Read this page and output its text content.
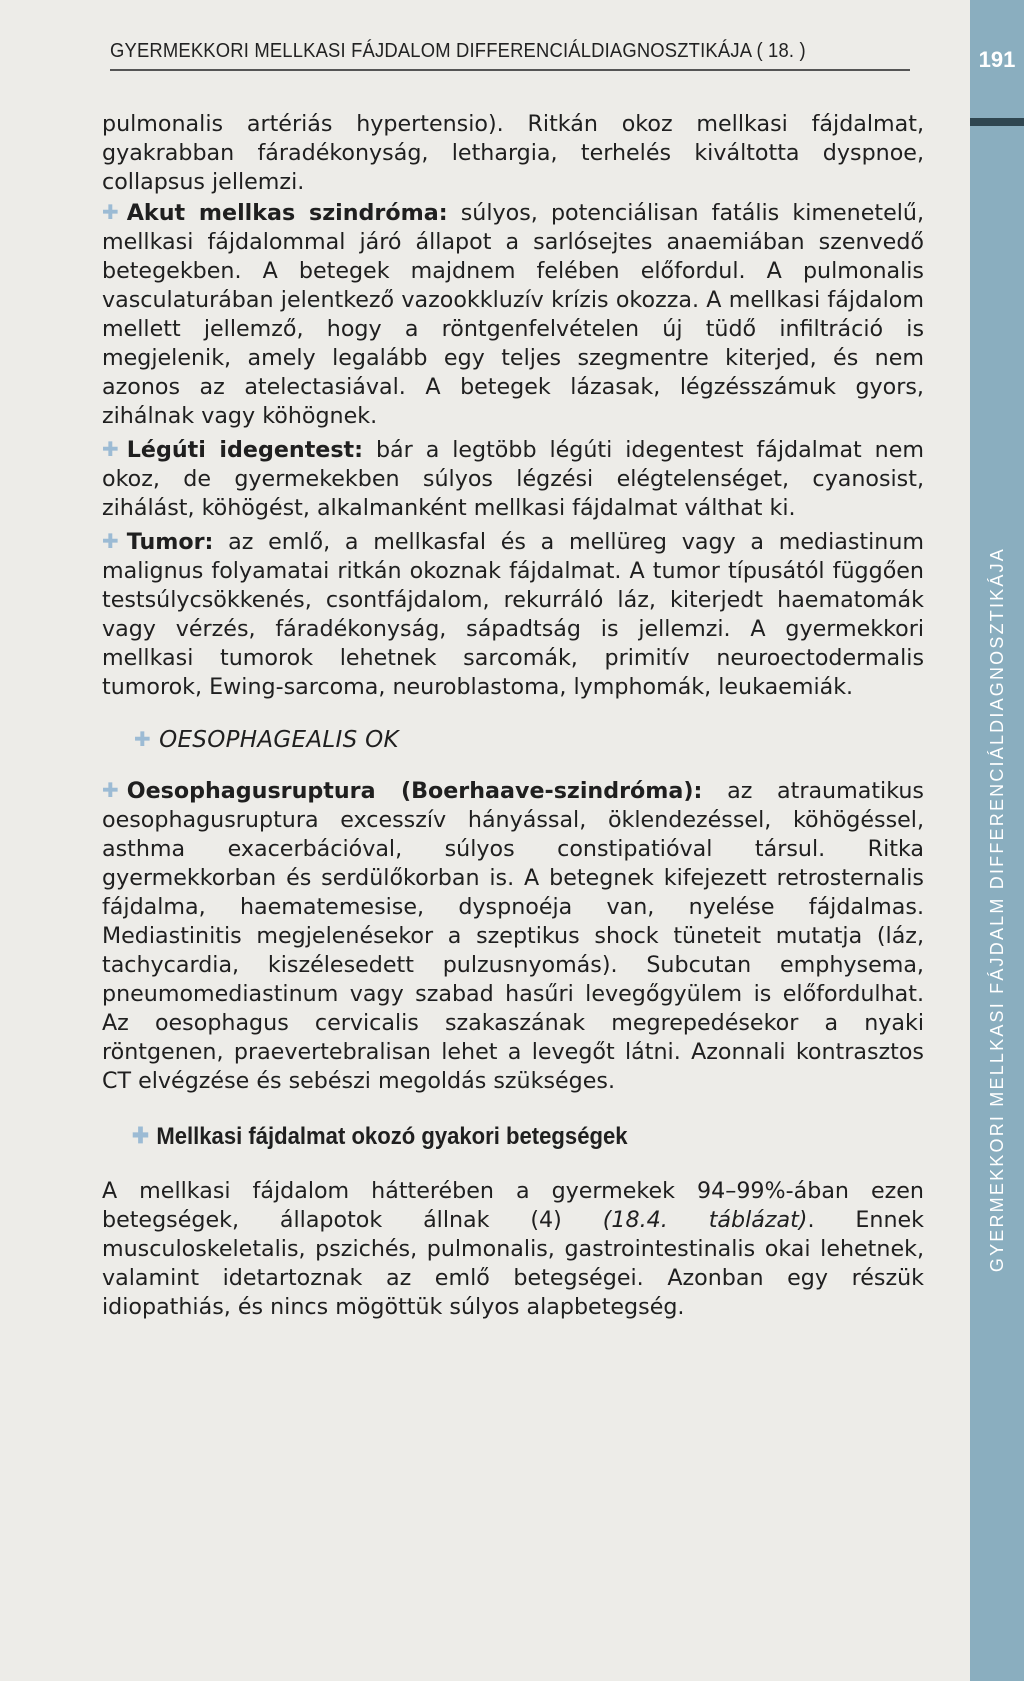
GYERMEKKORI MELLKASI FÁJDALOM DIFFERENCIÁLDIAGNOSZTIKÁJA ( 18. )	191
GYERMEKKORI MELLKASI FÁJDALM DIFFERENCIÁLDIAGNOSZTIKÁJA

pulmonalis artériás hypertensio). Ritkán okoz mellkasi fájdalmat, gyakrabban fáradékonyság, lethargia, terhelés kiváltotta dyspnoe, collapsus jellemzi.

✚ Akut mellkas szindróma: súlyos, potenciálisan fatális kimenetelű, mellkasi fájdalommal járó állapot a sarlósejtes anaemiában szenvedő betegekben. A betegek majdnem felében előfordul. A pulmonalis vasculaturában jelentkező vazookkluzív krízis okozza. A mellkasi fájdalom mellett jellemző, hogy a röntgenfelvételen új tüdő infiltráció is megjelenik, amely legalább egy teljes szegmentre kiterjed, és nem azonos az atelectasiával. A betegek lázasak, légzésszámuk gyors, zihálnak vagy köhögnek.

✚ Légúti idegentest: bár a legtöbb légúti idegentest fájdalmat nem okoz, de gyermekekben súlyos légzési elégtelenséget, cyanosist, zihálást, köhögést, alkalmanként mellkasi fájdalmat válthat ki.

✚ Tumor: az emlő, a mellkasfal és a mellüreg vagy a mediastinum malignus folyamatai ritkán okoznak fájdalmat. A tumor típusától függően testsúlycsökkenés, csontfájdalom, rekurráló láz, kiterjedt haematomák vagy vérzés, fáradékonyság, sápadtság is jellemzi. A gyermekkori mellkasi tumorok lehetnek sarcomák, primitív neuroectodermalis tumorok, Ewing-sarcoma, neuroblastoma, lymphomák, leukaemiák.

✚ OESOPHAGEALIS OK

✚ Oesophagusruptura (Boerhaave-szindróma): az atraumatikus oesophagusruptura excesszív hányással, öklendezéssel, köhögéssel, asthma exacerbációval, súlyos constipatióval társul. Ritka gyermekkorban és serdülőkorban is. A betegnek kifejezett retrosternalis fájdalma, haematemesise, dyspnoéja van, nyelése fájdalmas. Mediastinitis megjelenésekor a szeptikus shock tüneteit mutatja (láz, tachycardia, kiszélesedett pulzusnyomás). Subcutan emphysema, pneumomediastinum vagy szabad hasűri levegőgyülem is előfordulhat. Az oesophagus cervicalis szakaszának megrepedésekor a nyaki röntgenen, praevertebralisan lehet a levegőt látni. Azonnali kontrasztos CT elvégzése és sebészi megoldás szükséges.

✚ Mellkasi fájdalmat okozó gyakori betegségek

A mellkasi fájdalom hátterében a gyermekek 94–99%-ában ezen betegségek, állapotok állnak (4) (18.4. táblázat). Ennek musculoskeletalis, pszichés, pulmonalis, gastrointestinalis okai lehetnek, valamint idetartoznak az emlő betegségei. Azonban egy részük idiopathiás, és nincs mögöttük súlyos alapbetegség.
